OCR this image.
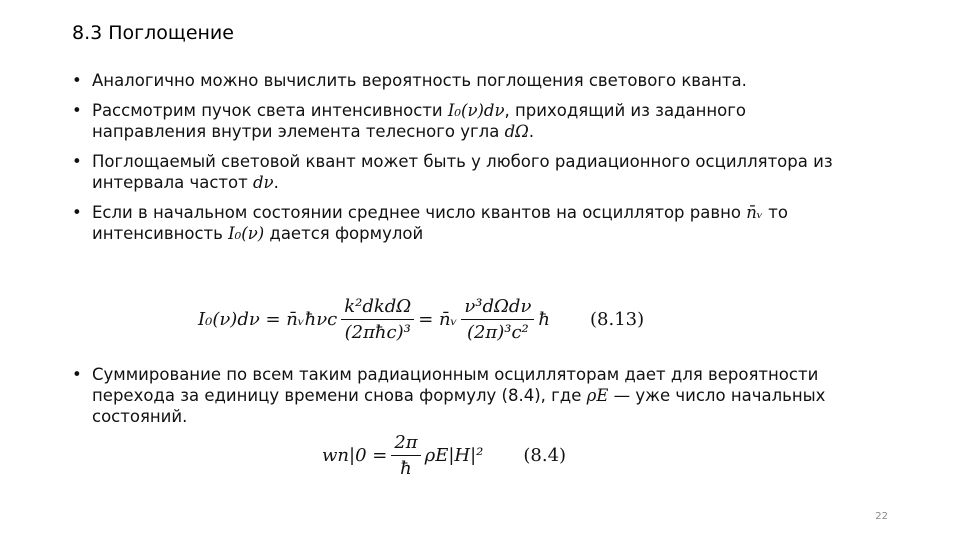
8.3 Поглощение
• Аналогично можно вычислить вероятность поглощения светового кванта.
• Рассмотрим пучок света интенсивности I₀(ν)dν, приходящий из заданного направления внутри элемента телесного угла dΩ.
• Поглощаемый световой квант может быть у любого радиационного осциллятора из интервала частот dν.
• Если в начальном состоянии среднее число квантов на осциллятор равно n̄ᵥ то интенсивность I₀(ν) дается формулой
I₀(ν)dν = n̄ᵥħνc $\frac{\text{k²dkdΩ}}{\text{(2πħc)³}}$ = n̄ᵥ $\frac{\text{ν³dΩdν}}{\text{(2π)³c²}}$ ħ (8.13)
• Суммирование по всем таким радиационным осцилляторам дает для вероятности перехода за единицу времени снова формулу (8.4), где ρE — уже число начальных состояний.
$wn|0 = \frac{2\pi}{ħ} \rho E|H|^2$ (8.4)
22
